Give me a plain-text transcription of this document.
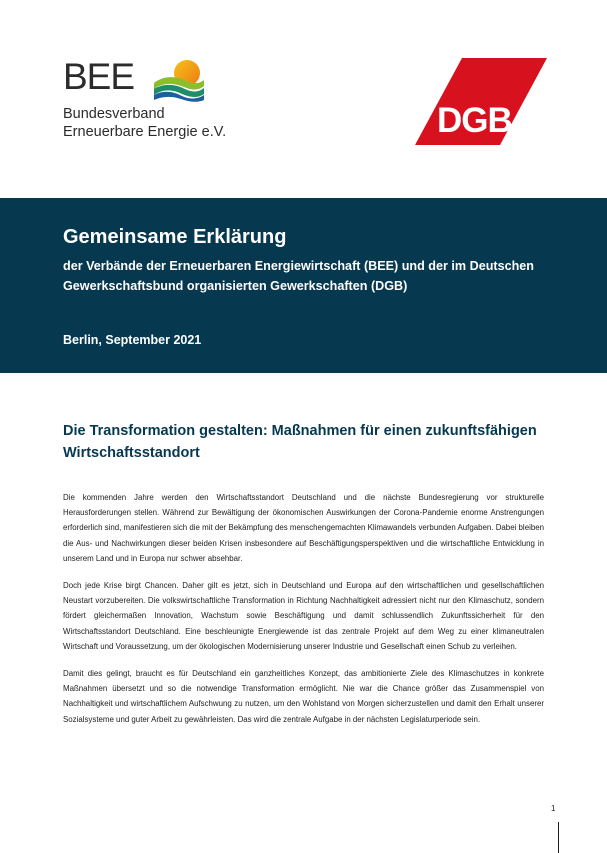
BEE
Bundesverband
Erneuerbare Energie e.V.	DGB
Gemeinsame Erklärung
der Verbände der Erneuerbaren Energiewirtschaft (BEE) und der im Deutschen Gewerkschaftsbund organisierten Gewerkschaften (DGB)
Berlin, September 2021
Die Transformation gestalten: Maßnahmen für einen zukunftsfähigen Wirtschaftsstandort

Die kommenden Jahre werden den Wirtschaftsstandort Deutschland und die nächste Bundesregierung vor strukturelle Herausforderungen stellen. Während zur Bewältigung der ökonomischen Auswirkungen der Corona-Pandemie enorme Anstrengungen erforderlich sind, manifestieren sich die mit der Bekämpfung des menschengemachten Klimawandels verbunden Aufgaben. Dabei bleiben die Aus- und Nachwirkungen dieser beiden Krisen insbesondere auf Beschäftigungsperspektiven und die wirtschaftliche Entwicklung in unserem Land und in Europa nur schwer absehbar.

Doch jede Krise birgt Chancen. Daher gilt es jetzt, sich in Deutschland und Europa auf den wirtschaftlichen und gesellschaftlichen Neustart vorzubereiten. Die volkswirtschaftliche Transformation in Richtung Nachhaltigkeit adressiert nicht nur den Klimaschutz, sondern fördert gleichermaßen Innovation, Wachstum sowie Beschäftigung und damit schlussendlich Zukunftssicherheit für den Wirtschaftsstandort Deutschland. Eine beschleunigte Energiewende ist das zentrale Projekt auf dem Weg zu einer klimaneutralen Wirtschaft und Voraussetzung, um der ökologischen Modernisierung unserer Industrie und Gesellschaft einen Schub zu verleihen.

Damit dies gelingt, braucht es für Deutschland ein ganzheitliches Konzept, das ambitionierte Ziele des Klimaschutzes in konkrete Maßnahmen übersetzt und so die notwendige Transformation ermöglicht. Nie war die Chance größer das Zusammenspiel von Nachhaltigkeit und wirtschaftlichem Aufschwung zu nutzen, um den Wohlstand von Morgen sicherzustellen und damit den Erhalt unserer Sozialsysteme und guter Arbeit zu gewährleisten. Das wird die zentrale Aufgabe in der nächsten Legislaturperiode sein.

1
